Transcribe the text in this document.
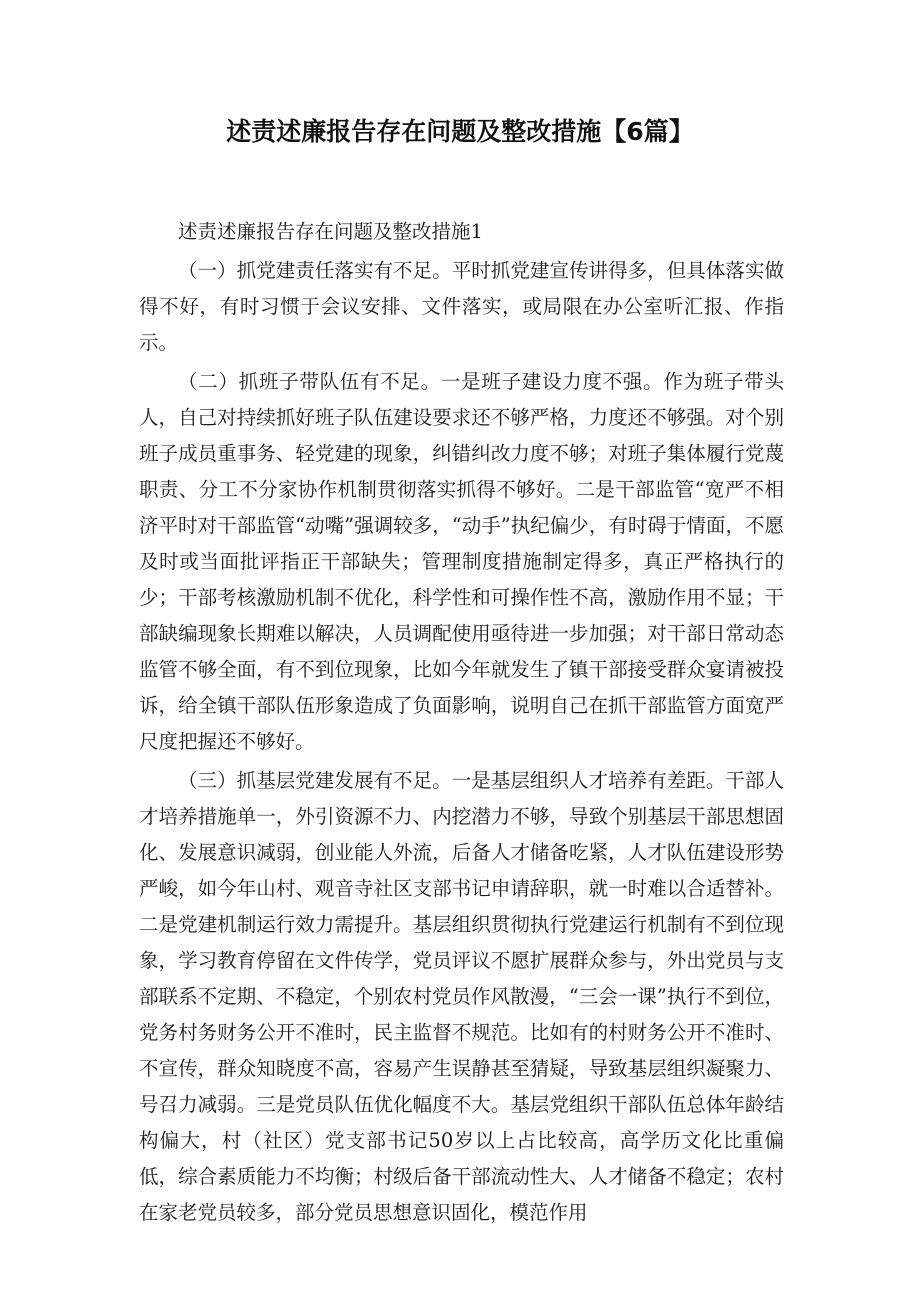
述责述廉报告存在问题及整改措施【6篇】

述责述廉报告存在问题及整改措施1

（一）抓党建责任落实有不足。平时抓党建宣传讲得多，但具体落实做得不好，有时习惯于会议安排、文件落实，或局限在办公室听汇报、作指示。

（二）抓班子带队伍有不足。一是班子建设力度不强。作为班子带头人，自己对持续抓好班子队伍建设要求还不够严格，力度还不够强。对个别班子成员重事务、轻党建的现象，纠错纠改力度不够；对班子集体履行党蔑职责、分工不分家协作机制贯彻落实抓得不够好。二是干部监管“宽严不相济平时对干部监管“动嘴”强调较多，“动手”执纪偏少，有时碍于情面，不愿及时或当面批评指正干部缺失；管理制度措施制定得多，真正严格执行的少；干部考核激励机制不优化，科学性和可操作性不高，激励作用不显；干部缺编现象长期难以解决，人员调配使用亟待进一步加强；对干部日常动态监管不够全面，有不到位现象，比如今年就发生了镇干部接受群众宴请被投诉，给全镇干部队伍形象造成了负面影响，说明自己在抓干部监管方面宽严尺度把握还不够好。

（三）抓基层党建发展有不足。一是基层组织人才培养有差距。干部人才培养措施单一，外引资源不力、内挖潜力不够，导致个别基层干部思想固化、发展意识减弱，创业能人外流，后备人才储备吃紧，人才队伍建设形势严峻，如今年山村、观音寺社区支部书记申请辞职，就一时难以合适替补。二是党建机制运行效力需提升。基层组织贯彻执行党建运行机制有不到位现象，学习教育停留在文件传学，党员评议不愿扩展群众参与，外出党员与支部联系不定期、不稳定，个别农村党员作风散漫，“三会一课”执行不到位，党务村务财务公开不准时，民主监督不规范。比如有的村财务公开不准时、不宣传，群众知晓度不高，容易产生误静甚至猜疑，导致基层组织凝聚力、号召力减弱。三是党员队伍优化幅度不大。基层党组织干部队伍总体年龄结构偏大，村（社区）党支部书记50岁以上占比较高，高学历文化比重偏低，综合素质能力不均衡；村级后备干部流动性大、人才储备不稳定；农村在家老党员较多，部分党员思想意识固化，模范作用
